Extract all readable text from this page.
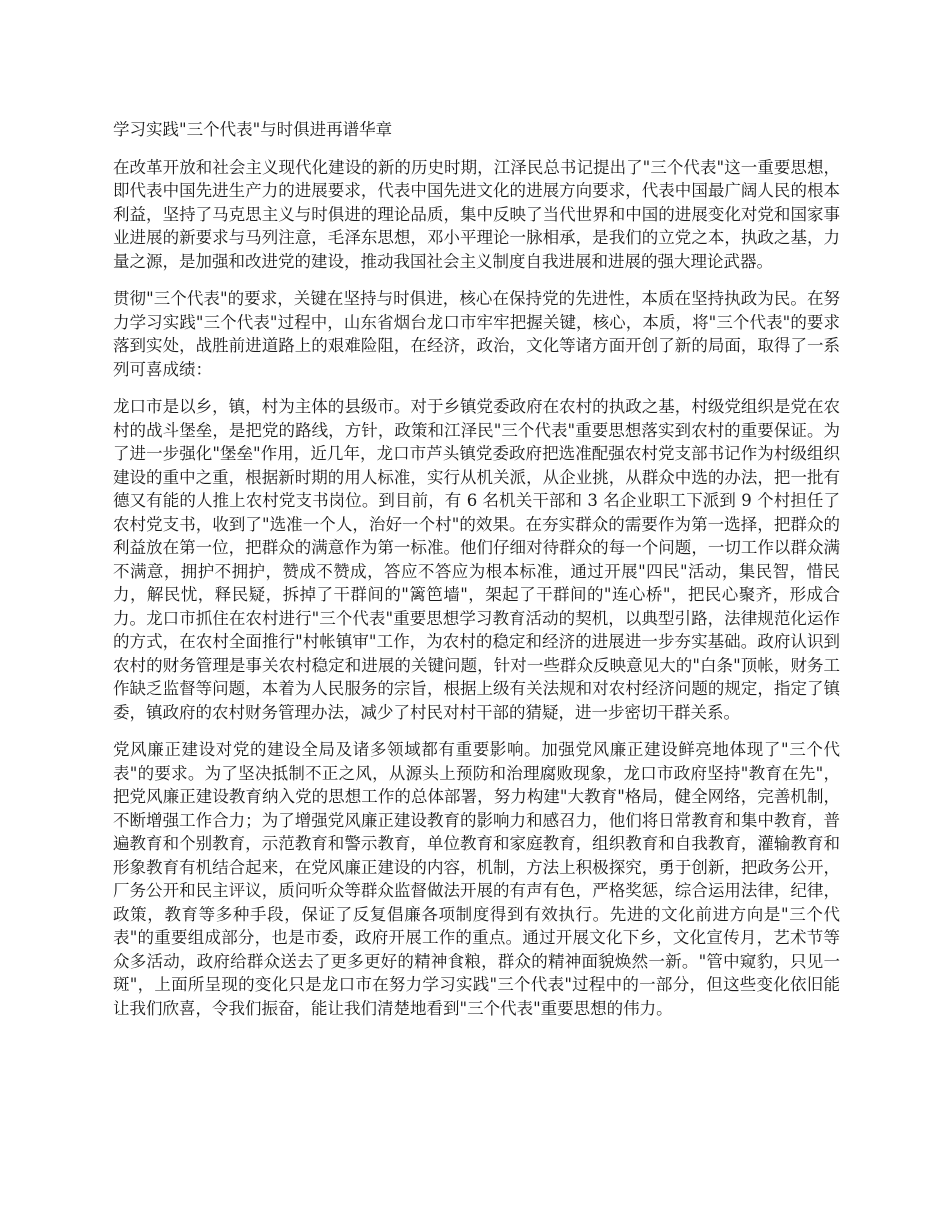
学习实践"三个代表"与时俱进再谱华章

在改革开放和社会主义现代化建设的新的历史时期，江泽民总书记提出了"三个代表"这一重要思想，即代表中国先进生产力的进展要求，代表中国先进文化的进展方向要求，代表中国最广阔人民的根本利益，坚持了马克思主义与时俱进的理论品质，集中反映了当代世界和中国的进展变化对党和国家事业进展的新要求与马列注意，毛泽东思想，邓小平理论一脉相承，是我们的立党之本，执政之基，力量之源，是加强和改进党的建设，推动我国社会主义制度自我进展和进展的强大理论武器。

贯彻"三个代表"的要求，关键在坚持与时俱进，核心在保持党的先进性，本质在坚持执政为民。在努力学习实践"三个代表"过程中，山东省烟台龙口市牢牢把握关键，核心，本质，将"三个代表"的要求落到实处，战胜前进道路上的艰难险阻，在经济，政治，文化等诸方面开创了新的局面，取得了一系列可喜成绩：

龙口市是以乡，镇，村为主体的县级市。对于乡镇党委政府在农村的执政之基，村级党组织是党在农村的战斗堡垒，是把党的路线，方针，政策和江泽民"三个代表"重要思想落实到农村的重要保证。为了进一步强化"堡垒"作用，近几年，龙口市芦头镇党委政府把选准配强农村党支部书记作为村级组织建设的重中之重，根据新时期的用人标准，实行从机关派，从企业挑，从群众中选的办法，把一批有德又有能的人推上农村党支书岗位。到目前，有 6 名机关干部和 3 名企业职工下派到 9 个村担任了农村党支书，收到了"选准一个人，治好一个村"的效果。在夯实群众的需要作为第一选择，把群众的利益放在第一位，把群众的满意作为第一标准。他们仔细对待群众的每一个问题，一切工作以群众满不满意，拥护不拥护，赞成不赞成，答应不答应为根本标准，通过开展"四民"活动，集民智，惜民力，解民忧，释民疑，拆掉了干群间的"篱笆墙"，架起了干群间的"连心桥"，把民心聚齐，形成合力。龙口市抓住在农村进行"三个代表"重要思想学习教育活动的契机，以典型引路，法律规范化运作的方式，在农村全面推行"村帐镇审"工作，为农村的稳定和经济的进展进一步夯实基础。政府认识到农村的财务管理是事关农村稳定和进展的关键问题，针对一些群众反映意见大的"白条"顶帐，财务工作缺乏监督等问题，本着为人民服务的宗旨，根据上级有关法规和对农村经济问题的规定，指定了镇委，镇政府的农村财务管理办法，减少了村民对村干部的猜疑，进一步密切干群关系。

党风廉正建设对党的建设全局及诸多领域都有重要影响。加强党风廉正建设鲜亮地体现了"三个代表"的要求。为了坚决抵制不正之风，从源头上预防和治理腐败现象，龙口市政府坚持"教育在先"，把党风廉正建设教育纳入党的思想工作的总体部署，努力构建"大教育"格局，健全网络，完善机制，不断增强工作合力；为了增强党风廉正建设教育的影响力和感召力，他们将日常教育和集中教育，普遍教育和个别教育，示范教育和警示教育，单位教育和家庭教育，组织教育和自我教育，灌输教育和形象教育有机结合起来，在党风廉正建设的内容，机制，方法上积极探究，勇于创新，把政务公开，厂务公开和民主评议，质问听众等群众监督做法开展的有声有色，严格奖惩，综合运用法律，纪律，政策，教育等多种手段，保证了反复倡廉各项制度得到有效执行。先进的文化前进方向是"三个代表"的重要组成部分，也是市委，政府开展工作的重点。通过开展文化下乡，文化宣传月，艺术节等众多活动，政府给群众送去了更多更好的精神食粮，群众的精神面貌焕然一新。"管中窥豹，只见一斑"，上面所呈现的变化只是龙口市在努力学习实践"三个代表"过程中的一部分，但这些变化依旧能让我们欣喜，令我们振奋，能让我们清楚地看到"三个代表"重要思想的伟力。
